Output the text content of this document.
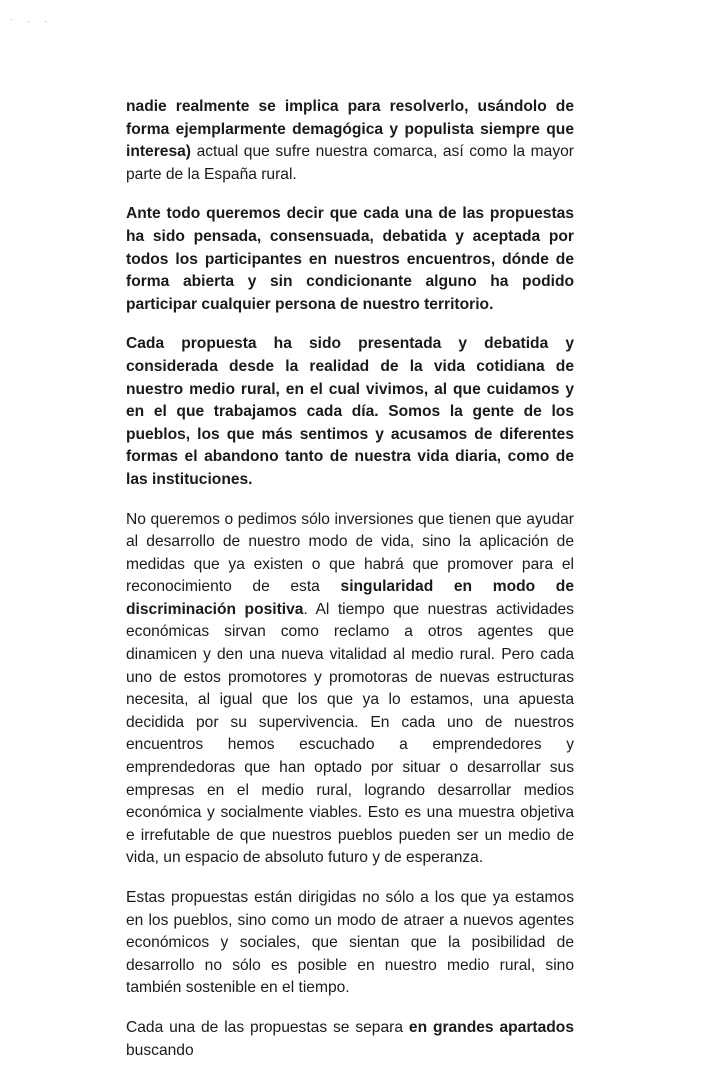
· . .

nadie realmente se implica para resolverlo, usándolo de forma ejemplarmente demagógica y populista siempre que interesa) actual que sufre nuestra comarca, así como la mayor parte de la España rural.

Ante todo queremos decir que cada una de las propuestas ha sido pensada, consensuada, debatida y aceptada por todos los participantes en nuestros encuentros, dónde de forma abierta y sin condicionante alguno ha podido participar cualquier persona de nuestro territorio.

Cada propuesta ha sido presentada y debatida y considerada desde la realidad de la vida cotidiana de nuestro medio rural, en el cual vivimos, al que cuidamos y en el que trabajamos cada día. Somos la gente de los pueblos, los que más sentimos y acusamos de diferentes formas el abandono tanto de nuestra vida diaria, como de las instituciones.

No queremos o pedimos sólo inversiones que tienen que ayudar al desarrollo de nuestro modo de vida, sino la aplicación de medidas que ya existen o que habrá que promover para el reconocimiento de esta singularidad en modo de discriminación positiva. Al tiempo que nuestras actividades económicas sirvan como reclamo a otros agentes que dinamicen y den una nueva vitalidad al medio rural. Pero cada uno de estos promotores y promotoras de nuevas estructuras necesita, al igual que los que ya lo estamos, una apuesta decidida por su supervivencia. En cada uno de nuestros encuentros hemos escuchado a emprendedores y emprendedoras que han optado por situar o desarrollar sus empresas en el medio rural, logrando desarrollar medios económica y socialmente viables. Esto es una muestra objetiva e irrefutable de que nuestros pueblos pueden ser un medio de vida, un espacio de absoluto futuro y de esperanza.

Estas propuestas están dirigidas no sólo a los que ya estamos en los pueblos, sino como un modo de atraer a nuevos agentes económicos y sociales, que sientan que la posibilidad de desarrollo no sólo es posible en nuestro medio rural, sino también sostenible en el tiempo.

Cada una de las propuestas se separa en grandes apartados buscando
